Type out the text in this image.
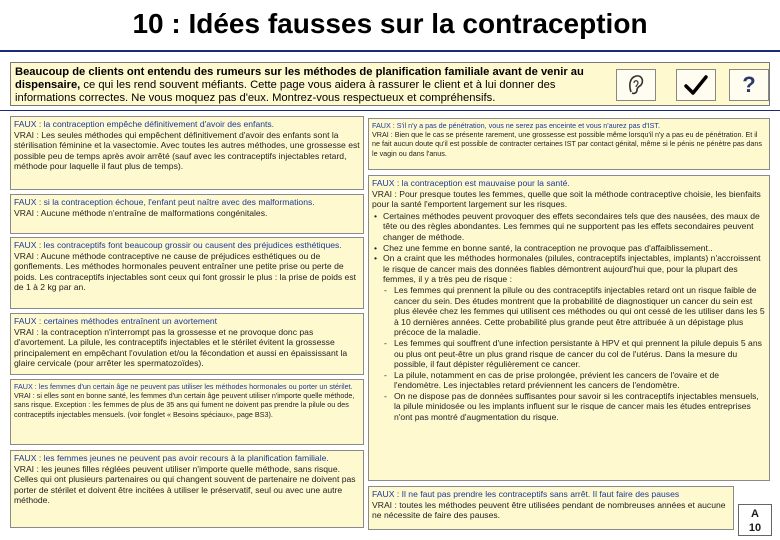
10 : Idées fausses sur la contraception
Beaucoup de clients ont entendu des rumeurs sur les méthodes de planification familiale avant de venir au dispensaire, ce qui les rend souvent méfiants. Cette page vous aidera à rassurer le client et à lui donner des informations correctes. Ne vous moquez pas d'eux. Montrez-vous respectueux et compréhensifs.
?

FAUX : la contraception empêche définitivement d'avoir des enfants.

VRAI : Les seules méthodes qui empêchent définitivement d'avoir des enfants sont la stérilisation féminine et la vasectomie. Avec toutes les autres méthodes, une grossesse est possible peu de temps après avoir arrêté (sauf avec les contraceptifs injectables retard, méthode pour laquelle il faut plus de temps).

FAUX : si la contraception échoue, l'enfant peut naître avec des malformations.

VRAI : Aucune méthode n'entraîne de malformations congénitales.

FAUX : les contraceptifs font beaucoup grossir ou causent des préjudices esthétiques.

VRAI : Aucune méthode contraceptive ne cause de préjudices esthétiques ou de gonflements. Les méthodes hormonales peuvent entraîner une petite prise ou perte de poids. Les contraceptifs injectables sont ceux qui font grossir le plus : la prise de poids est de 1 à 2 kg par an.

FAUX : certaines méthodes entraînent un avortement

VRAI : la contraception n'interrompt pas la grossesse et ne provoque donc pas d'avortement. La pilule, les contraceptifs injectables et le stérilet évitent la grossesse principalement en empêchant l'ovulation et/ou la fécondation et aussi en épaississant la glaire cervicale (pour arrêter les spermatozoïdes).

FAUX : les femmes d'un certain âge ne peuvent pas utiliser les méthodes hormonales ou porter un stérilet.

VRAI : si elles sont en bonne santé, les femmes d'un certain âge peuvent utiliser n'importe quelle méthode, sans risque. Exception : les femmes de plus de 35 ans qui fument ne doivent pas prendre la pilule ou des contraceptifs injectables mensuels. (voir fonglet « Besoins spéciaux», page BS3).

FAUX : les femmes jeunes ne peuvent pas avoir recours à la planification familiale.

VRAI : les jeunes filles réglées peuvent utiliser n'importe quelle méthode, sans risque. Celles qui ont plusieurs partenaires ou qui changent souvent de partenaire ne doivent pas porter de stérilet et doivent être incitées à utiliser le préservatif, seul ou avec une autre méthode.

FAUX : S'il n'y a pas de pénétration, vous ne serez pas enceinte et vous n'aurez pas d'IST.

VRAI : Bien que le cas se présente rarement, une grossesse est possible même lorsqu'il n'y a pas eu de pénétration. Et il ne fait aucun doute qu'il est possible de contracter certaines IST par contact génital, même si le pénis ne pénètre pas dans le vagin ou dans l'anus.

FAUX : la contraception est mauvaise pour la santé.

VRAI : Pour presque toutes les femmes, quelle que soit la méthode contraceptive choisie, les bienfaits pour la santé l'emportent largement sur les risques.

• Certaines méthodes peuvent provoquer des effets secondaires tels que des nausées, des maux de tête ou des règles abondantes. Les femmes qui ne supportent pas les effets secondaires peuvent changer de méthode.
• Chez une femme en bonne santé, la contraception ne provoque pas d'affaiblissement..
• On a craint que les méthodes hormonales (pilules, contraceptifs injectables, implants) n'accroissent le risque de cancer mais des données fiables démontrent aujourd'hui que, pour la plupart des femmes, il y a très peu de risque :
- Les femmes qui prennent la pilule ou des contraceptifs injectables retard ont un risque faible de cancer du sein. Des études montrent que la probabilité de diagnostiquer un cancer du sein est plus élevée chez les femmes qui utilisent ces méthodes ou qui ont cessé de les utiliser dans les 5 à 10 dernières années. Cette probabilité plus grande peut être attribuée à un dépistage plus précoce de la maladie.
- Les femmes qui souffrent d'une infection persistante à HPV et qui prennent la pilule depuis 5 ans ou plus ont peut-être un plus grand risque de cancer du col de l'utérus. Dans la mesure du possible, il faut dépister régulièrement ce cancer.
- La pilule, notamment en cas de prise prolongée, prévient les cancers de l'ovaire et de l'endomètre. Les injectables retard préviennent les cancers de l'endomètre.
- On ne dispose pas de données suffisantes pour savoir si les contraceptifs injectables mensuels, la pilule minidosée ou les implants influent sur le risque de cancer mais les études entreprises n'ont pas montré d'augmentation du risque.

FAUX : Il ne faut pas prendre les contraceptifs sans arrêt. Il faut faire des pauses

VRAI : toutes les méthodes peuvent être utilisées pendant de nombreuses années et aucune ne nécessite de faire des pauses.	A
10
